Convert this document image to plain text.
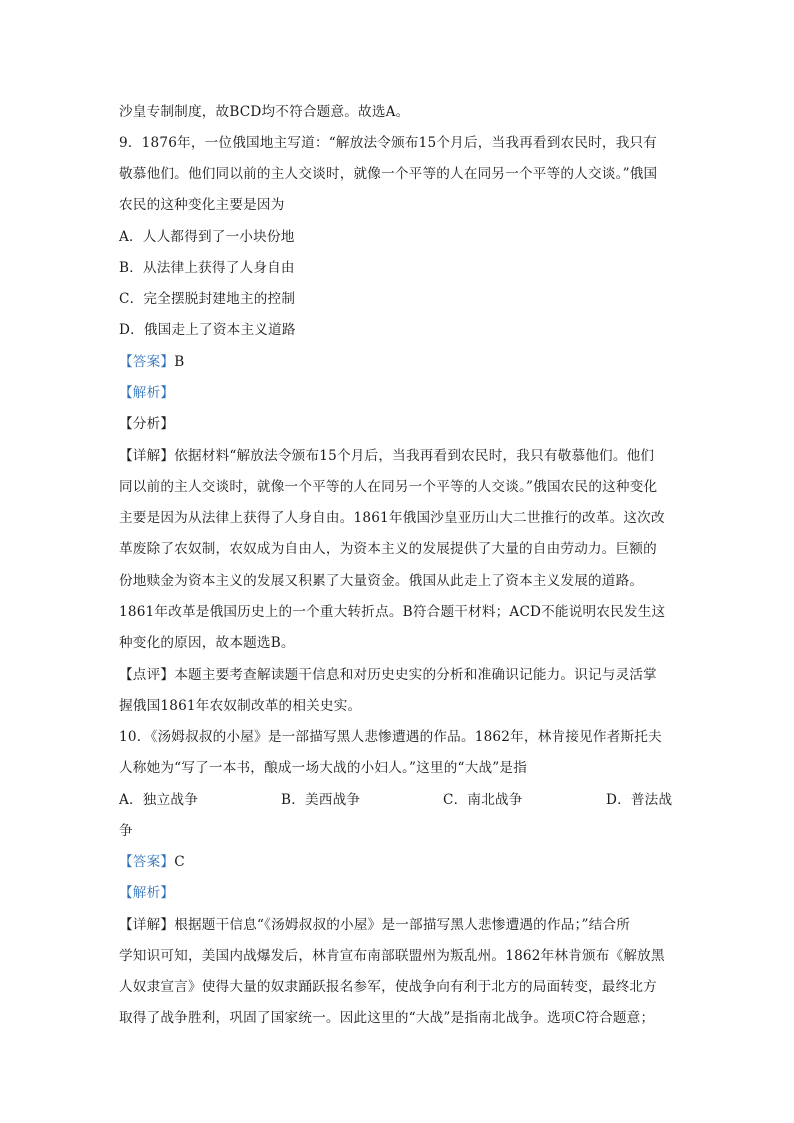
沙皇专制制度，故BCD均不符合题意。故选A。
9．1876年，一位俄国地主写道：“解放法令颁布15个月后，当我再看到农民时，我只有
敬慕他们。他们同以前的主人交谈时，就像一个平等的人在同另一个平等的人交谈。”俄国
农民的这种变化主要是因为
A．人人都得到了一小块份地
B．从法律上获得了人身自由
C．完全摆脱封建地主的控制
D．俄国走上了资本主义道路
【答案】B
【解析】
【分析】
【详解】依据材料“解放法令颁布15个月后，当我再看到农民时，我只有敬慕他们。他们
同以前的主人交谈时，就像一个平等的人在同另一个平等的人交谈。”俄国农民的这种变化
主要是因为从法律上获得了人身自由。1861年俄国沙皇亚历山大二世推行的改革。这次改
革废除了农奴制，农奴成为自由人，为资本主义的发展提供了大量的自由劳动力。巨额的
份地赎金为资本主义的发展又积累了大量资金。俄国从此走上了资本主义发展的道路。
1861年改革是俄国历史上的一个重大转折点。B符合题干材料；ACD不能说明农民发生这
种变化的原因，故本题选B。
【点评】本题主要考查解读题干信息和对历史史实的分析和准确识记能力。识记与灵活掌
握俄国1861年农奴制改革的相关史实。
10．《汤姆叔叔的小屋》是一部描写黑人悲惨遭遇的作品。1862年，林肯接见作者斯托夫
人称她为“写了一本书，酿成一场大战的小妇人。”这里的“大战”是指
A．独立战争	B．美西战争	C．南北战争	D．普法战
争
【答案】C
【解析】
【详解】根据题干信息“《汤姆叔叔的小屋》是一部描写黑人悲惨遭遇的作品；”结合所
学知识可知，美国内战爆发后，林肯宣布南部联盟州为叛乱州。1862年林肯颁布《解放黑
人奴隶宣言》使得大量的奴隶踊跃报名参军，使战争向有利于北方的局面转变，最终北方
取得了战争胜利，巩固了国家统一。因此这里的“大战”是指南北战争。选项C符合题意；
